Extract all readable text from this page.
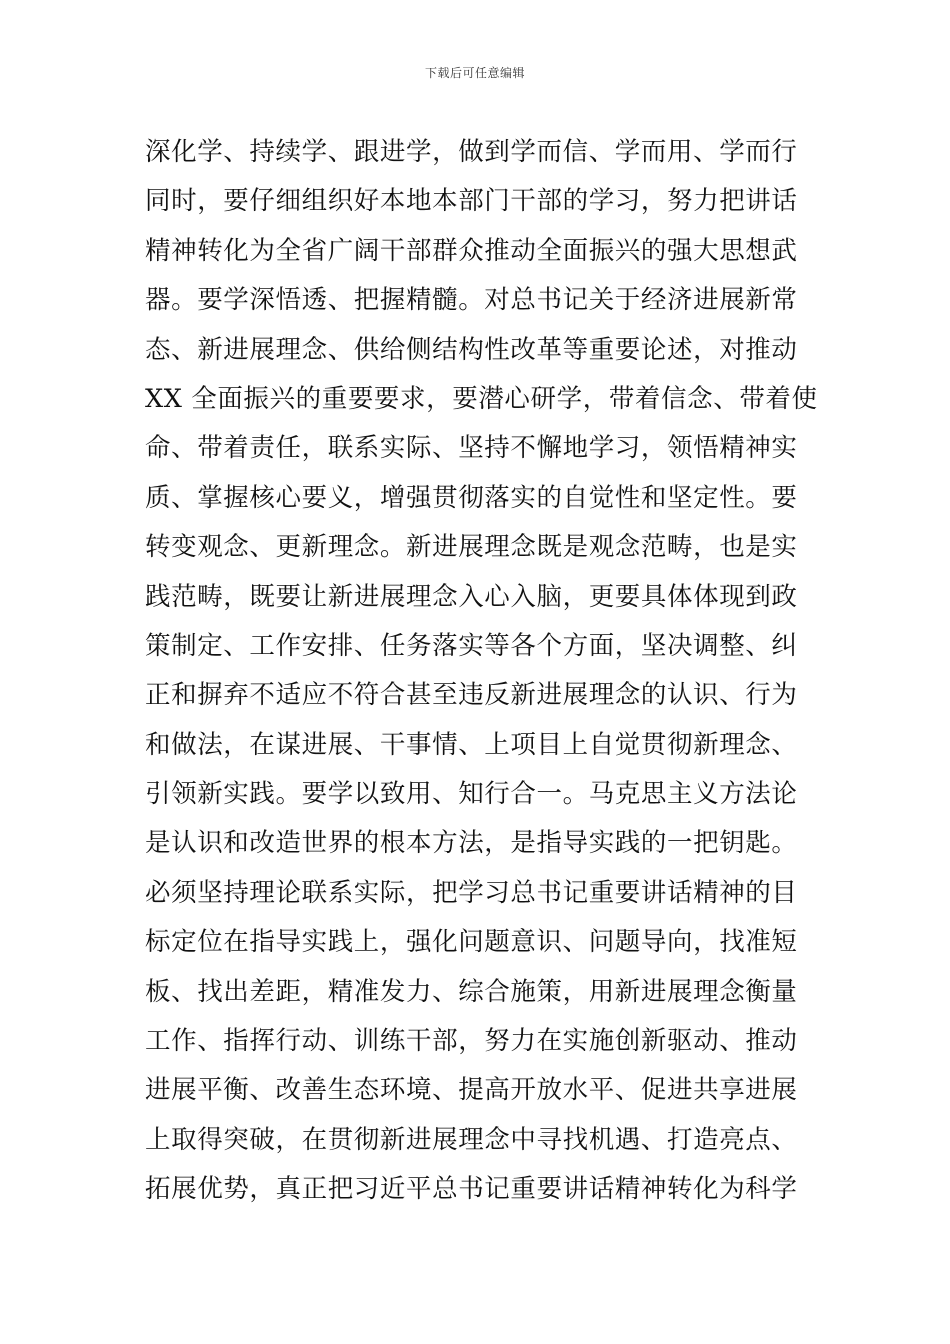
下载后可任意编辑
深化学、持续学、跟进学，做到学而信、学而用、学而行
同时，要仔细组织好本地本部门干部的学习，努力把讲话
精神转化为全省广阔干部群众推动全面振兴的强大思想武
器。要学深悟透、把握精髓。对总书记关于经济进展新常
态、新进展理念、供给侧结构性改革等重要论述，对推动
XX 全面振兴的重要要求，要潜心研学，带着信念、带着使
命、带着责任，联系实际、坚持不懈地学习，领悟精神实
质、掌握核心要义，增强贯彻落实的自觉性和坚定性。要
转变观念、更新理念。新进展理念既是观念范畴，也是实
践范畴，既要让新进展理念入心入脑，更要具体体现到政
策制定、工作安排、任务落实等各个方面，坚决调整、纠
正和摒弃不适应不符合甚至违反新进展理念的认识、行为
和做法，在谋进展、干事情、上项目上自觉贯彻新理念、
引领新实践。要学以致用、知行合一。马克思主义方法论
是认识和改造世界的根本方法，是指导实践的一把钥匙。
必须坚持理论联系实际，把学习总书记重要讲话精神的目
标定位在指导实践上，强化问题意识、问题导向，找准短
板、找出差距，精准发力、综合施策，用新进展理念衡量
工作、指挥行动、训练干部，努力在实施创新驱动、推动
进展平衡、改善生态环境、提高开放水平、促进共享进展
上取得突破，在贯彻新进展理念中寻找机遇、打造亮点、
拓展优势，真正把习近平总书记重要讲话精神转化为科学
